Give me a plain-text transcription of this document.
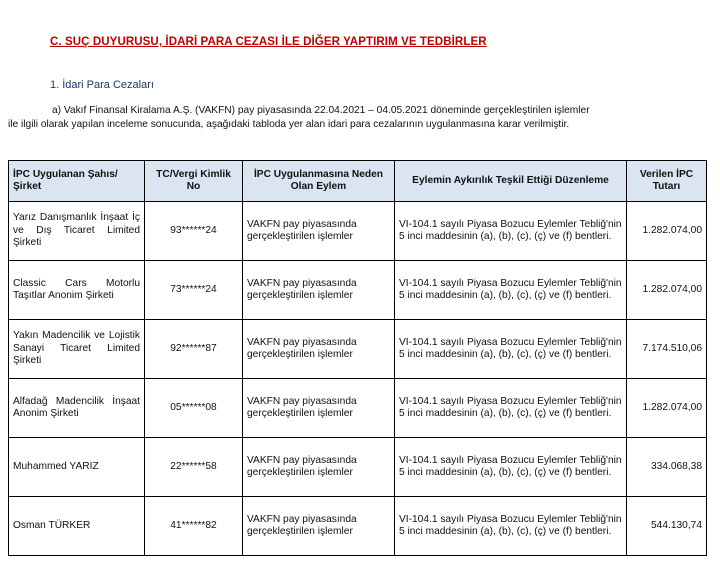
C. SUÇ DUYURUSU, İDARİ PARA CEZASI İLE DİĞER YAPTIRIM VE TEDBİRLER
1. İdari Para Cezaları
a) Vakıf Finansal Kiralama A.Ş. (VAKFN) pay piyasasında 22.04.2021 – 04.05.2021 döneminde gerçekleştirilen işlemler
ile ilgili olarak yapılan inceleme sonucunda, aşağıdaki tabloda yer alan idari para cezalarının uygulanmasına karar verilmiştir.
İPC Uygulanan Şahıs/ Şirket	TC/Vergi Kimlik No	İPC Uygulanmasına Neden Olan Eylem	Eylemin Aykırılık Teşkil Ettiği Düzenleme	Verilen İPC Tutarı
Yarız Danışmanlık İnşaat İç ve Dış Ticaret Limited Şirketi	93******24	VAKFN pay piyasasında gerçekleştirilen işlemler	VI-104.1 sayılı Piyasa Bozucu Eylemler Tebliğ'nin 5 inci maddesinin (a), (b), (c), (ç) ve (f) bentleri.	1.282.074,00
Classic Cars Motorlu Taşıtlar Anonim Şirketi	73******24	VAKFN pay piyasasında gerçekleştirilen işlemler	VI-104.1 sayılı Piyasa Bozucu Eylemler Tebliğ'nin 5 inci maddesinin (a), (b), (c), (ç) ve (f) bentleri.	1.282.074,00
Yakın Madencilik ve Lojistik Sanayi Ticaret Limited Şirketi	92******87	VAKFN pay piyasasında gerçekleştirilen işlemler	VI-104.1 sayılı Piyasa Bozucu Eylemler Tebliğ'nin 5 inci maddesinin (a), (b), (c), (ç) ve (f) bentleri.	7.174.510,06
Alfadağ Madencilik İnşaat Anonim Şirketi	05******08	VAKFN pay piyasasında gerçekleştirilen işlemler	VI-104.1 sayılı Piyasa Bozucu Eylemler Tebliğ'nin 5 inci maddesinin (a), (b), (c), (ç) ve (f) bentleri.	1.282.074,00
Muhammed YARIZ	22******58	VAKFN pay piyasasında gerçekleştirilen işlemler	VI-104.1 sayılı Piyasa Bozucu Eylemler Tebliğ'nin 5 inci maddesinin (a), (b), (c), (ç) ve (f) bentleri.	334.068,38
Osman TÜRKER	41******82	VAKFN pay piyasasında gerçekleştirilen işlemler	VI-104.1 sayılı Piyasa Bozucu Eylemler Tebliğ'nin 5 inci maddesinin (a), (b), (c), (ç) ve (f) bentleri.	544.130,74
